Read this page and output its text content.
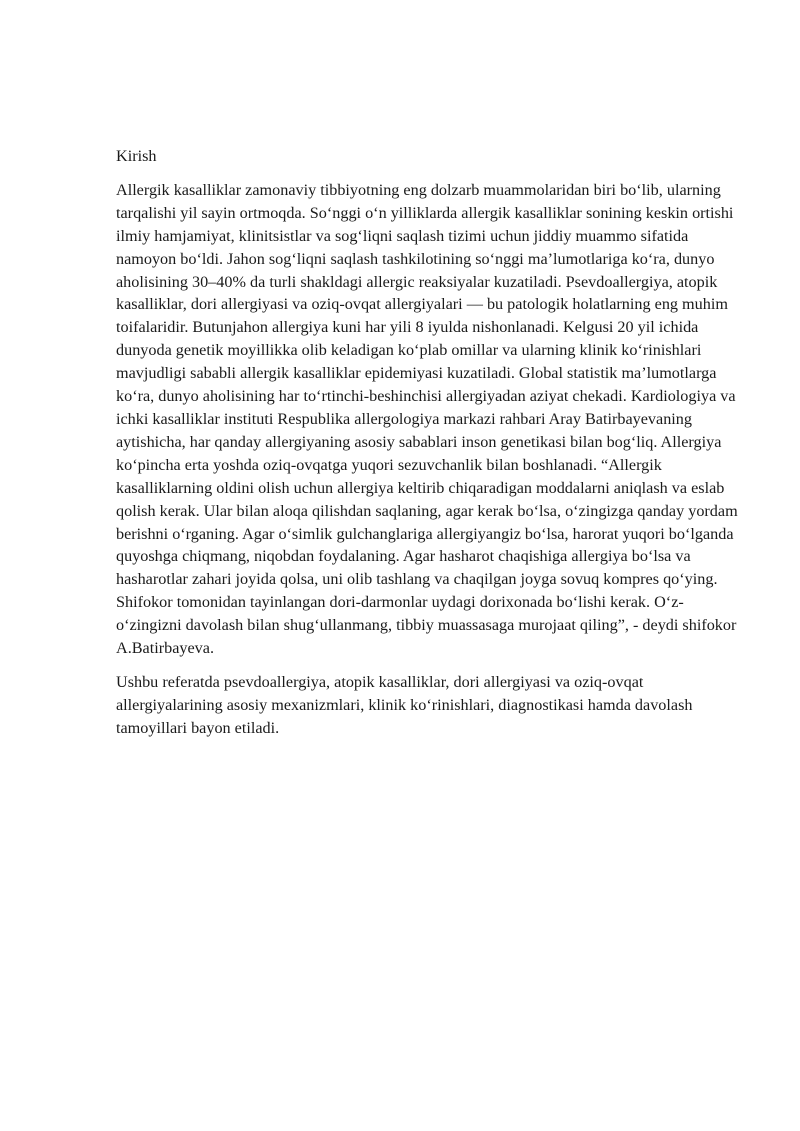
Kirish

Allergik kasalliklar zamonaviy tibbiyotning eng dolzarb muammolaridan biri bo‘lib, ularning tarqalishi yil sayin ortmoqda. So‘nggi o‘n yilliklarda allergik kasalliklar sonining keskin ortishi ilmiy hamjamiyat, klinitsistlar va sog‘liqni saqlash tizimi uchun jiddiy muammo sifatida namoyon bo‘ldi. Jahon sog‘liqni saqlash tashkilotining so‘nggi ma’lumotlariga ko‘ra, dunyo aholisining 30–40% da turli shakldagi allergic reaksiyalar kuzatiladi. Psevdoallergiya, atopik kasalliklar, dori allergiyasi va oziq-ovqat allergiyalari — bu patologik holatlarning eng muhim toifalaridir. Butunjahon allergiya kuni har yili 8 iyulda nishonlanadi. Kelgusi 20 yil ichida dunyoda genetik moyillikka olib keladigan ko‘plab omillar va ularning klinik ko‘rinishlari mavjudligi sababli allergik kasalliklar epidemiyasi kuzatiladi. Global statistik ma’lumotlarga ko‘ra, dunyo aholisining har to‘rtinchi-beshinchisi allergiyadan aziyat chekadi. Kardiologiya va ichki kasalliklar instituti Respublika allergologiya markazi rahbari Aray Batirbayevaning aytishicha, har qanday allergiyaning asosiy sabablari inson genetikasi bilan bog‘liq. Allergiya ko‘pincha erta yoshda oziq-ovqatga yuqori sezuvchanlik bilan boshlanadi. “Allergik kasalliklarning oldini olish uchun allergiya keltirib chiqaradigan moddalarni aniqlash va eslab qolish kerak. Ular bilan aloqa qilishdan saqlaning, agar kerak bo‘lsa, o‘zingizga qanday yordam berishni o‘rganing. Agar o‘simlik gulchanglariga allergiyangiz bo‘lsa, harorat yuqori bo‘lganda quyoshga chiqmang, niqobdan foydalaning. Agar hasharot chaqishiga allergiya bo‘lsa va hasharotlar zahari joyida qolsa, uni olib tashlang va chaqilgan joyga sovuq kompres qo‘ying. Shifokor tomonidan tayinlangan dori-darmonlar uydagi dorixonada bo‘lishi kerak. O‘z-o‘zingizni davolash bilan shug‘ullanmang, tibbiy muassasaga murojaat qiling”, - deydi shifokor A.Batirbayeva.

Ushbu referatda psevdoallergiya, atopik kasalliklar, dori allergiyasi va oziq-ovqat allergiyalarining asosiy mexanizmlari, klinik ko‘rinishlari, diagnostikasi hamda davolash tamoyillari bayon etiladi.
